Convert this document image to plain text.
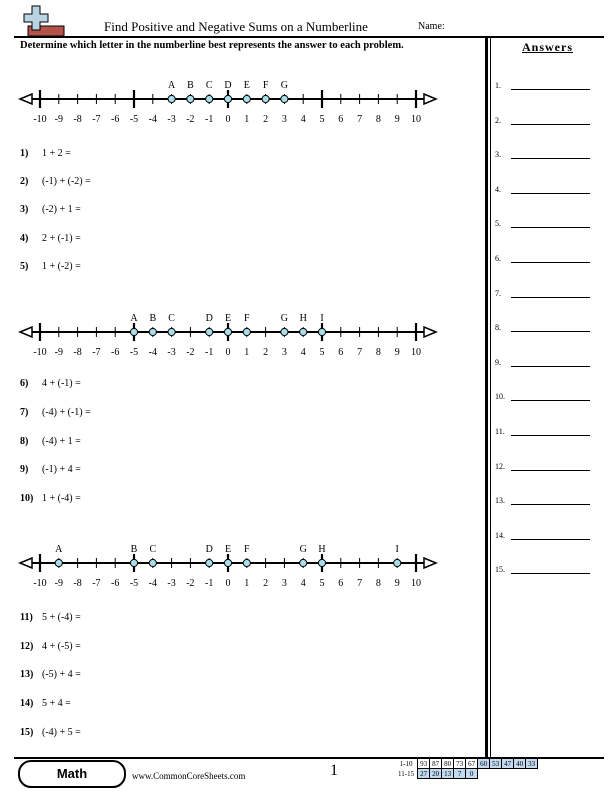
Find Positive and Negative Sums on a Numberline	Name:
Determine which letter in the numberline best represents the answer to each problem.	Answers
1.
2.
3.
4.
5.
6.
7.
8.
9.
10.
11.
12.
13.
14.
15.
-10 -9 -8 -7 -6 -5 -4 -3 -2 -1 0 1 2 3 4 5 6 7 8 9 10
A B C D E F G
-10 -9 -8 -7 -6 -5 -4 -3 -2 -1 0 1 2 3 4 5 6 7 8 9 10
A B C	D E F	G H I
-10 -9 -8 -7 -6 -5 -4 -3 -2 -1 0 1 2 3 4 5 6 7 8 9 10
A	B C	D E F	G H	I
1) 1 + 2 =
2) (-1) + (-2) =
3) (-2) + 1 =
4) 2 + (-1) =
5) 1 + (-2) =
6) 4 + (-1) =
7) (-4) + (-1) =
8) (-4) + 1 =
9) (-1) + 4 =
10) 1 + (-4) =
11) 5 + (-4) =
12) 4 + (-5) =
13) (-5) + 4 =
14) 5 + 4 =
15) (-4) + 5 =
Math	www.CommonCoreSheets.com	1	1-10	93	87	80	73	67	60	53	47	40	33
11-15	27	20	13	7	0					
